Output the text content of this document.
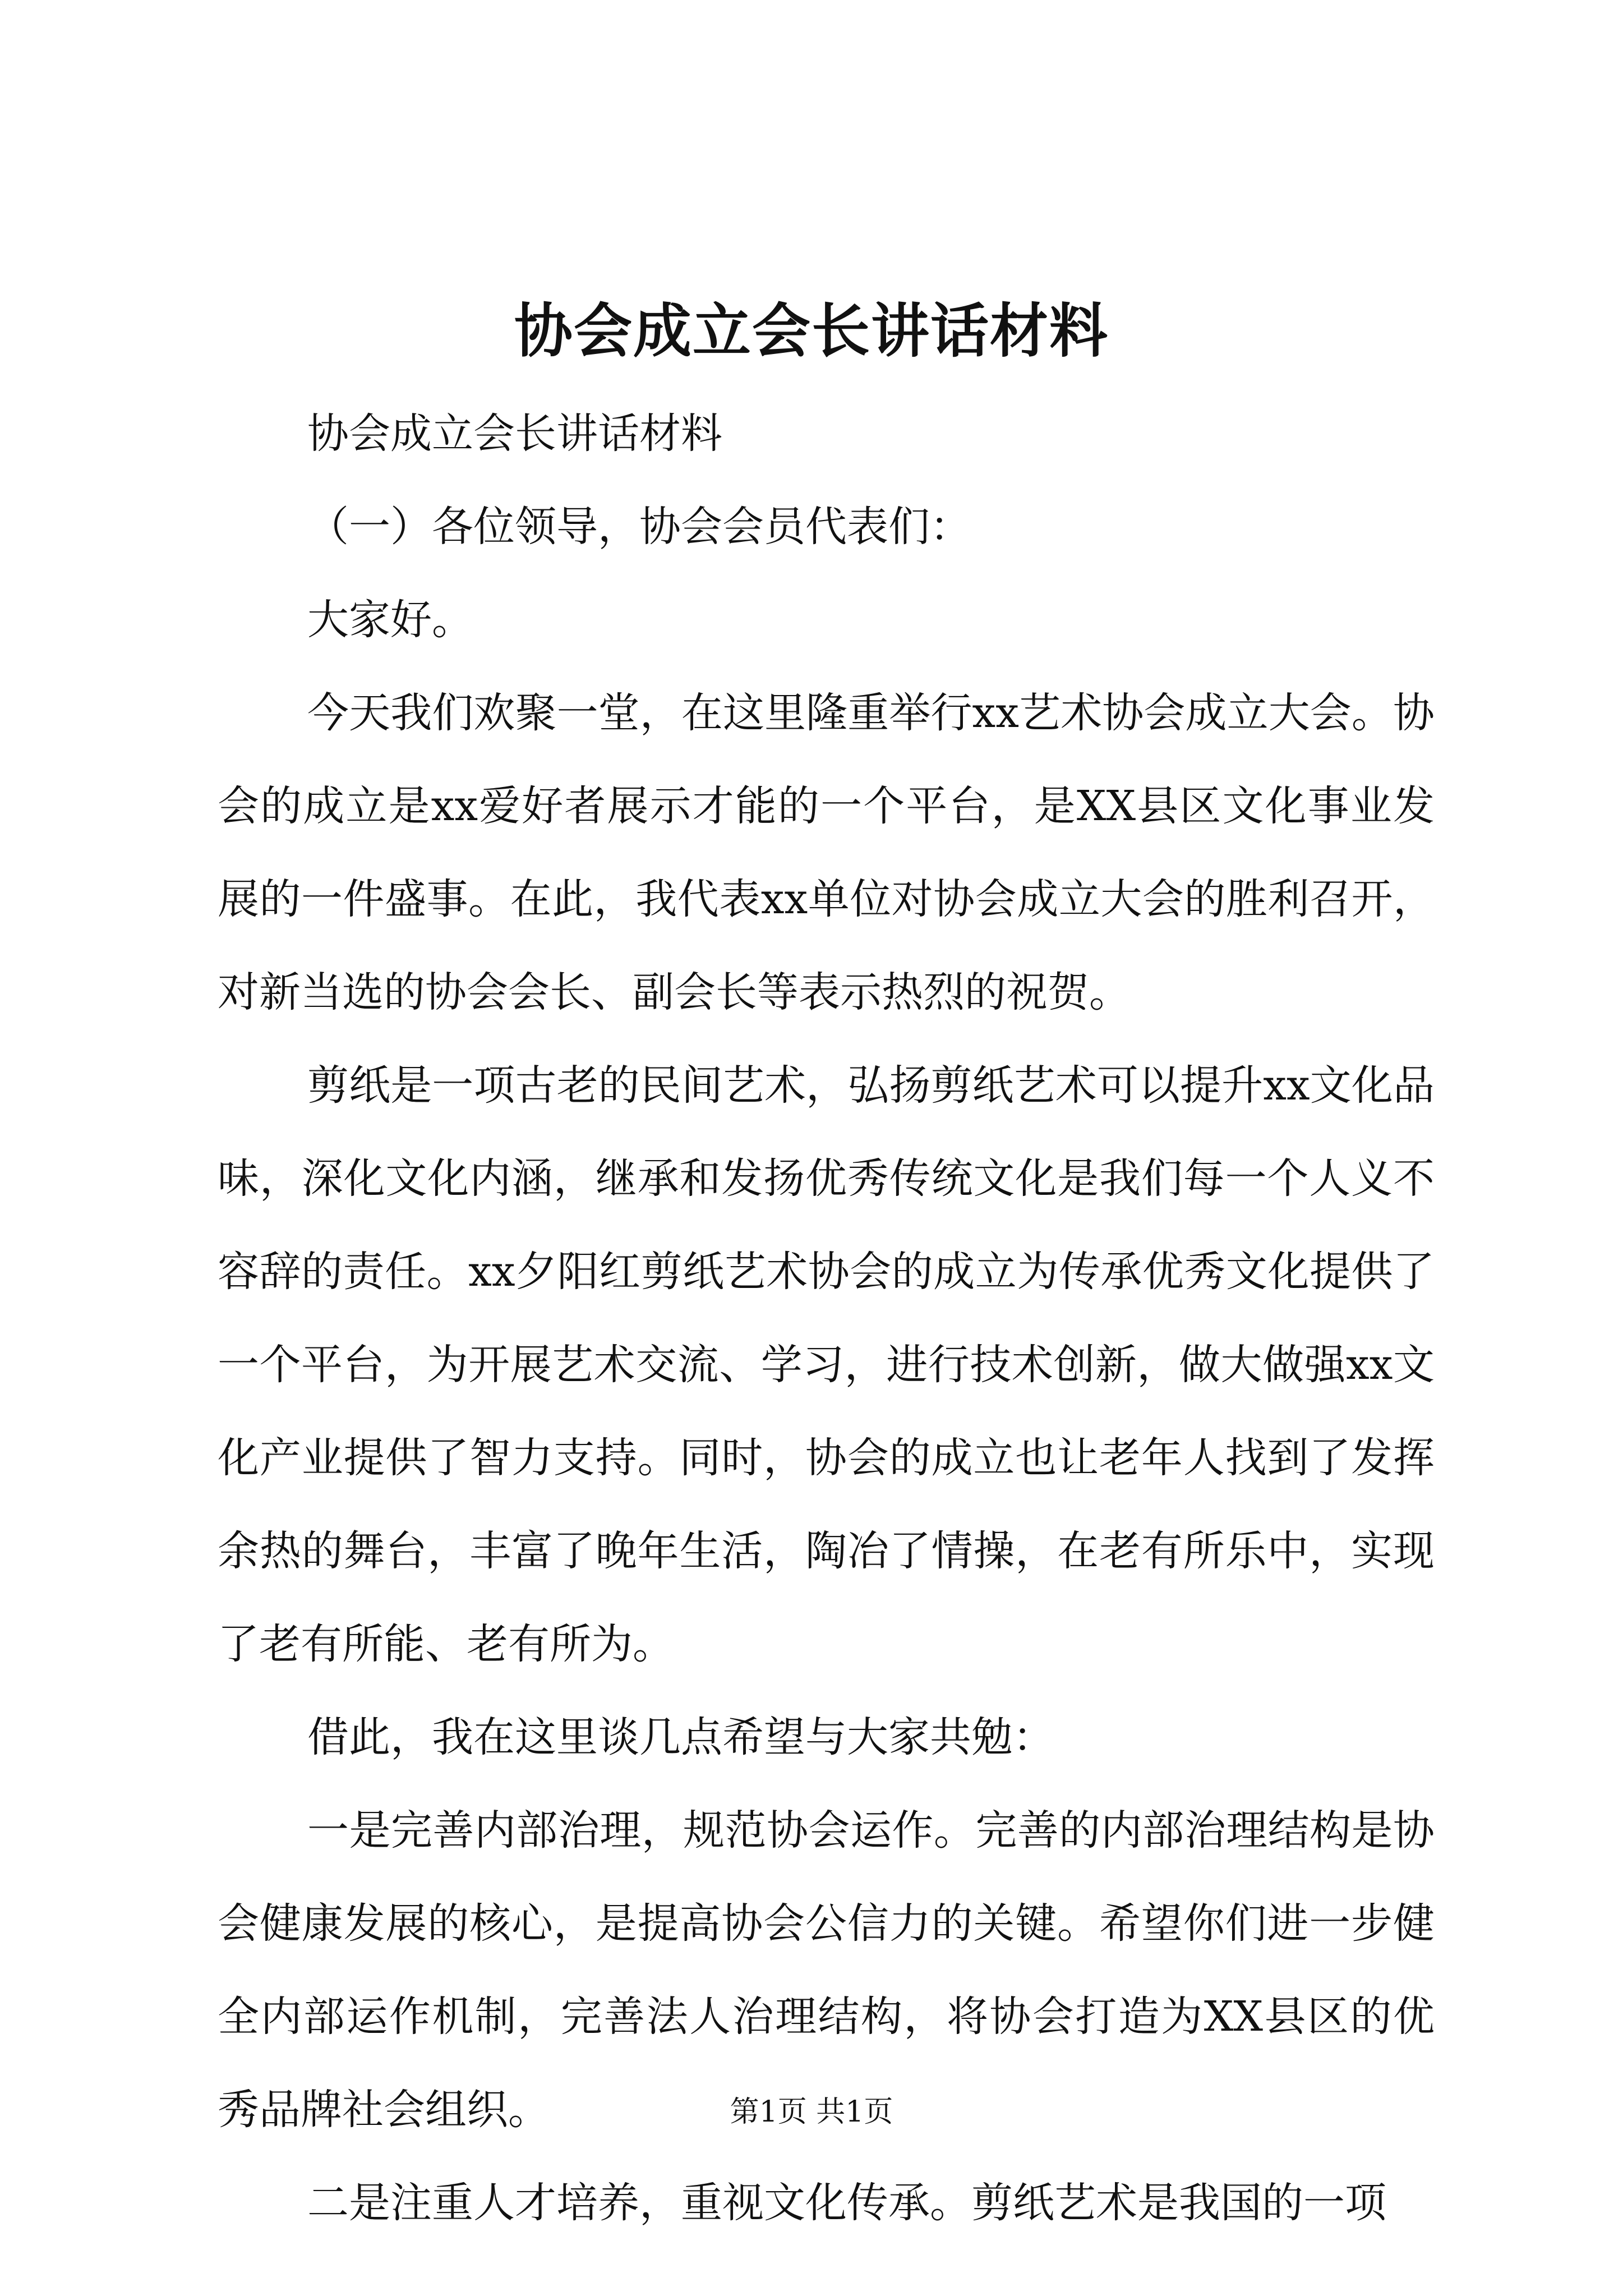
协会成立会长讲话材料

协会成立会长讲话材料

（一）各位领导，协会会员代表们：

大家好。

今天我们欢聚一堂，在这里隆重举行xx艺术协会成立大会。协会的成立是xx爱好者展示才能的一个平台，是XX县区文化事业发展的一件盛事。在此，我代表xx单位对协会成立大会的胜利召开，对新当选的协会会长、副会长等表示热烈的祝贺。

剪纸是一项古老的民间艺术，弘扬剪纸艺术可以提升xx文化品味，深化文化内涵，继承和发扬优秀传统文化是我们每一个人义不容辞的责任。xx夕阳红剪纸艺术协会的成立为传承优秀文化提供了一个平台，为开展艺术交流、学习，进行技术创新，做大做强xx文化产业提供了智力支持。同时，协会的成立也让老年人找到了发挥余热的舞台，丰富了晚年生活，陶冶了情操，在老有所乐中，实现了老有所能、老有所为。

借此，我在这里谈几点希望与大家共勉：

一是完善内部治理，规范协会运作。完善的内部治理结构是协会健康发展的核心，是提高协会公信力的关键。希望你们进一步健全内部运作机制，完善法人治理结构，将协会打造为XX县区的优秀品牌社会组织。

二是注重人才培养，重视文化传承。剪纸艺术是我国的一项

第1页 共1页
